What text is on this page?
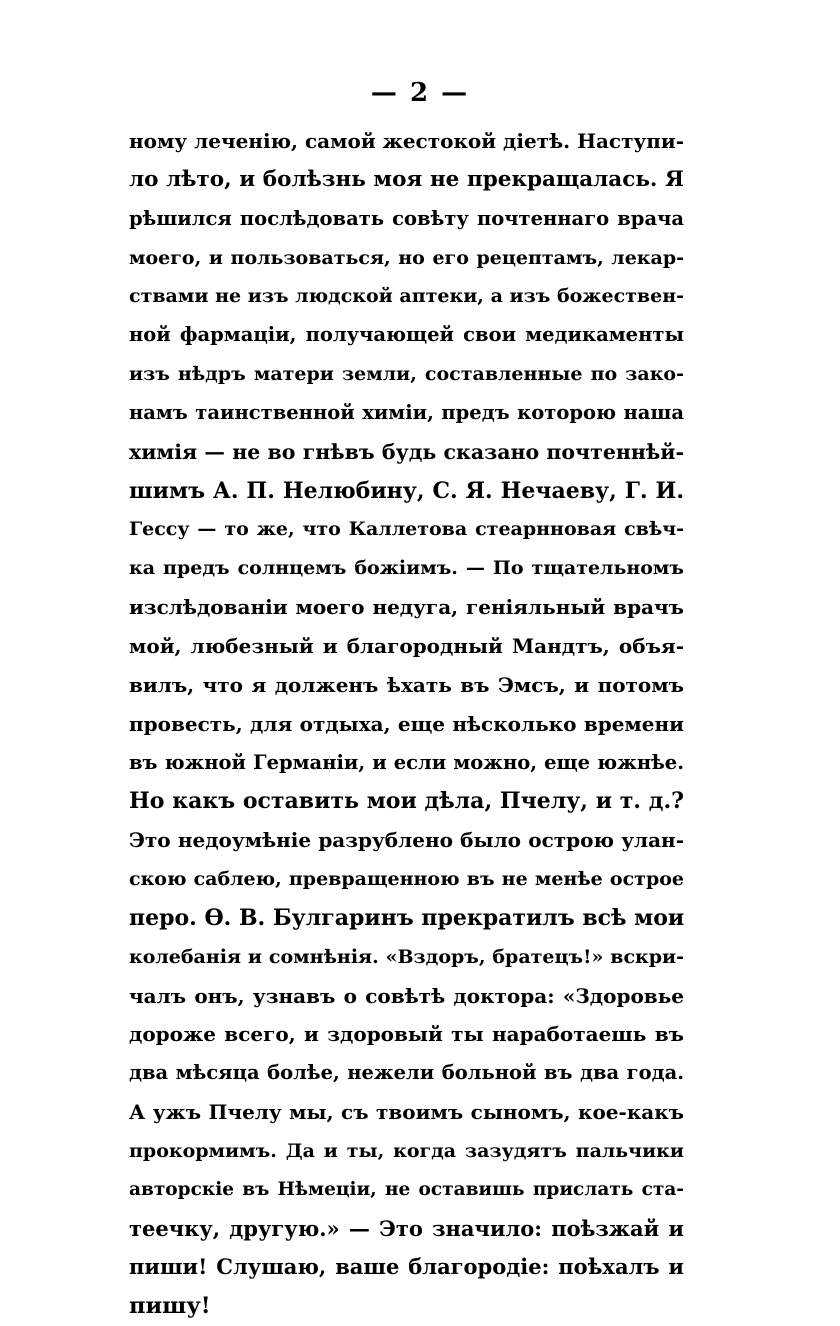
— 2 —
ному леченію, самой жестокой діетѣ. Наступи-
ло лѣто, и болѣзнь моя не прекращалась. Я
рѣшился послѣдовать совѣту почтеннаго врача
моего, и пользоваться, но его рецептамъ, лекар-
ствами не изъ людской аптеки, а изъ божествен-
ной фармаціи, получающей свои медикаменты
изъ нѣдръ матери земли, составленные по зако-
намъ таинственной химіи, предъ которою наша
химія — не во гнѣвъ будь сказано почтеннѣй-
шимъ А. П. Нелюбину, С. Я. Нечаеву, Г. И.
Гессу — то же, что Каллетова стеарнновая свѣч-
ка предъ солнцемъ божіимъ. — По тщательномъ
изслѣдованіи моего недуга, геніяльный врачъ
мой, любезный и благородный Мандтъ, объя-
вилъ, что я долженъ ѣхать въ Эмсъ, и потомъ
провесть, для отдыха, еще нѣсколько времени
въ южной Германіи, и если можно, еще южнѣе.
Но какъ оставить мои дѣла, Пчелу, и т. д.?
Это недоумѣніе разрублено было острою улан-
скою саблею, превращенною въ не менѣе острое
перо. Ѳ. В. Булгаринъ прекратилъ всѣ мои
колебанія и сомнѣнія. «Вздоръ, братецъ!» вскри-
чалъ онъ, узнавъ о совѣтѣ доктора: «Здоровье
дороже всего, и здоровый ты наработаешь въ
два мѣсяца болѣе, нежели больной въ два года.
А ужъ Пчелу мы, съ твоимъ сыномъ, кое-какъ
прокормимъ. Да и ты, когда зазудятъ пальчики
авторскіе въ Нѣмеціи, не оставишь прислать ста-
теечку, другую.» — Это значило: поѣзжай и
пиши! Слушаю, ваше благородіе: поѣхалъ и
пишу!
